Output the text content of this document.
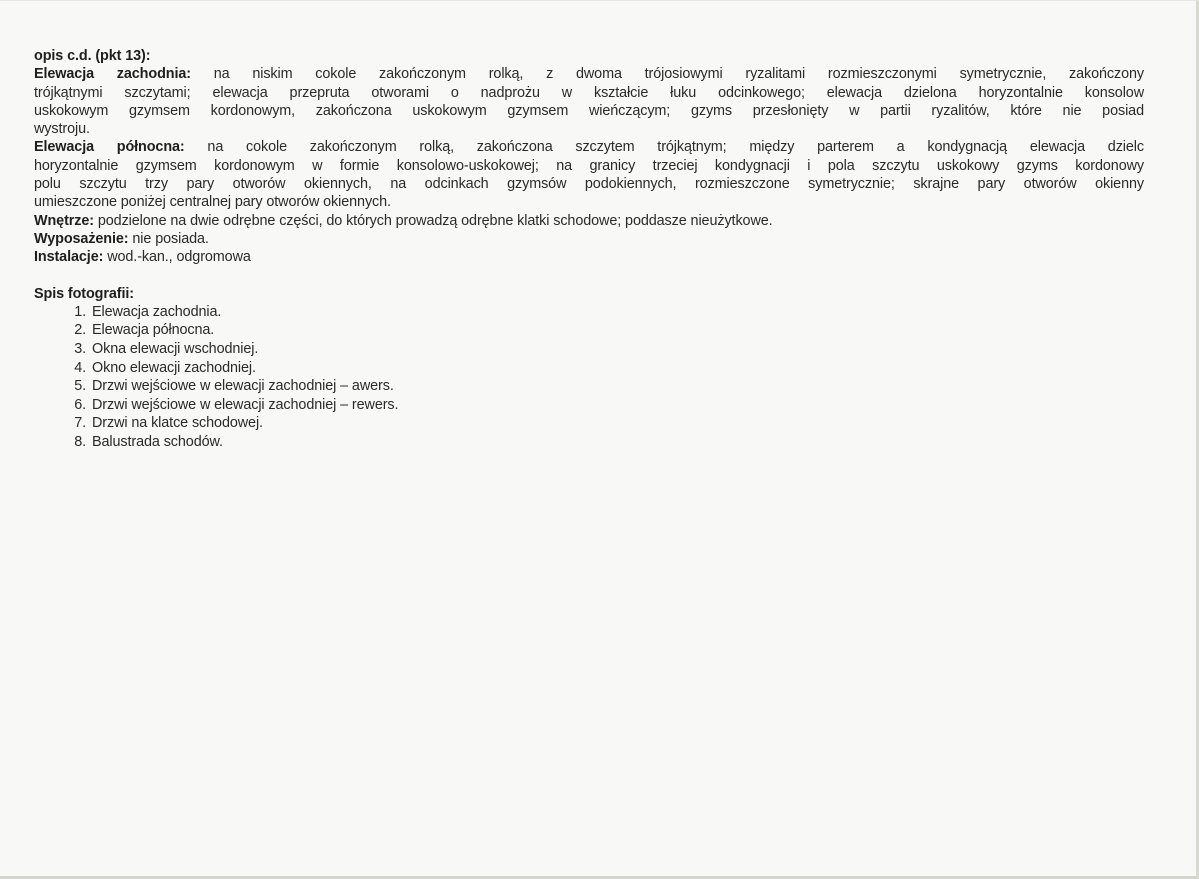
opis c.d. (pkt 13):
Elewacja zachodnia: na niskim cokole zakończonym rolką, z dwoma trójosiowymi ryzalitami rozmieszczonymi symetrycznie, zakończony
trójkątnymi szczytami; elewacja przepruta otworami o nadprożu w kształcie łuku odcinkowego; elewacja dzielona horyzontalnie konsolow
uskokowym gzymsem kordonowym, zakończona uskokowym gzymsem wieńczącym; gzyms przesłonięty w partii ryzalitów, które nie posiad
wystroju.
Elewacja północna: na cokole zakończonym rolką, zakończona szczytem trójkątnym; między parterem a kondygnacją elewacja dzielc
horyzontalnie gzymsem kordonowym w formie konsolowo-uskokowej; na granicy trzeciej kondygnacji i pola szczytu uskokowy gzyms kordonowy
polu szczytu trzy pary otworów okiennych, na odcinkach gzymsów podokiennych, rozmieszczone symetrycznie; skrajne pary otworów okienny
umieszczone poniżej centralnej pary otworów okiennych.
Wnętrze: podzielone na dwie odrębne części, do których prowadzą odrębne klatki schodowe; poddasze nieużytkowe.
Wyposażenie: nie posiada.
Instalacje: wod.-kan., odgromowa
Spis fotografii:
1. Elewacja zachodnia.
2. Elewacja północna.
3. Okna elewacji wschodniej.
4. Okno elewacji zachodniej.
5. Drzwi wejściowe w elewacji zachodniej – awers.
6. Drzwi wejściowe w elewacji zachodniej – rewers.
7. Drzwi na klatce schodowej.
8. Balustrada schodów.
